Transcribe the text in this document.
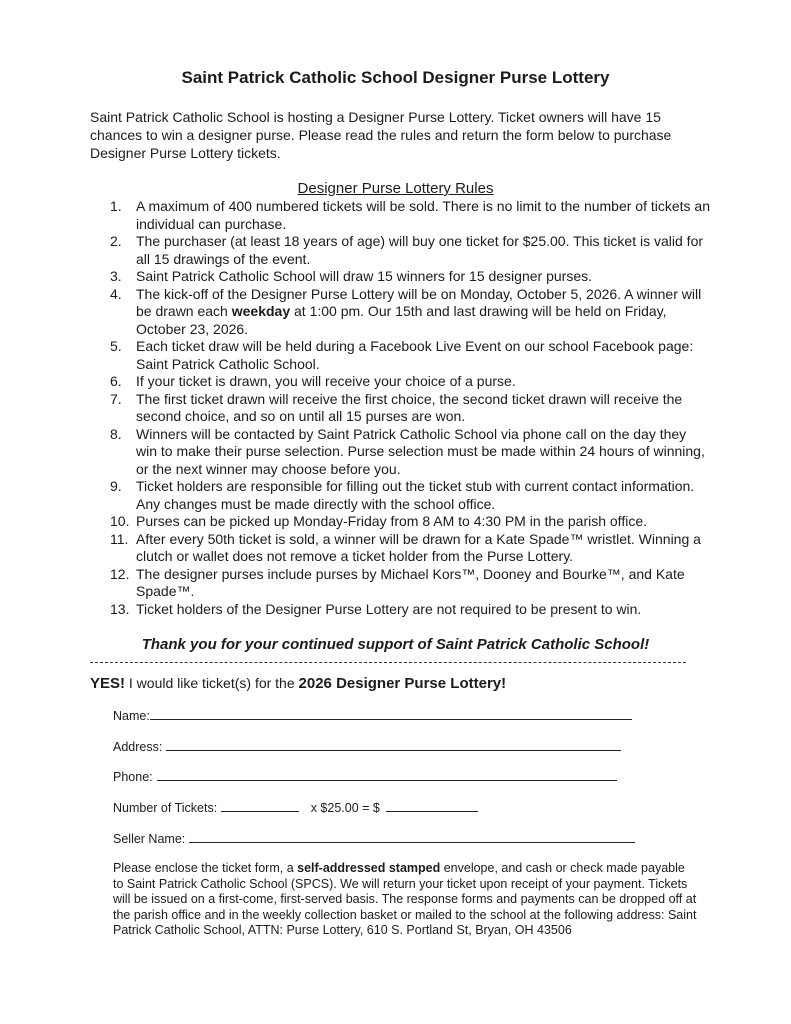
Saint Patrick Catholic School Designer Purse Lottery
Saint Patrick Catholic School is hosting a Designer Purse Lottery. Ticket owners will have 15 chances to win a designer purse. Please read the rules and return the form below to purchase Designer Purse Lottery tickets.
Designer Purse Lottery Rules
1. A maximum of 400 numbered tickets will be sold. There is no limit to the number of tickets an individual can purchase.
2. The purchaser (at least 18 years of age) will buy one ticket for $25.00. This ticket is valid for all 15 drawings of the event.
3. Saint Patrick Catholic School will draw 15 winners for 15 designer purses.
4. The kick-off of the Designer Purse Lottery will be on Monday, October 5, 2026. A winner will be drawn each weekday at 1:00 pm. Our 15th and last drawing will be held on Friday, October 23, 2026.
5. Each ticket draw will be held during a Facebook Live Event on our school Facebook page: Saint Patrick Catholic School.
6. If your ticket is drawn, you will receive your choice of a purse.
7. The first ticket drawn will receive the first choice, the second ticket drawn will receive the second choice, and so on until all 15 purses are won.
8. Winners will be contacted by Saint Patrick Catholic School via phone call on the day they win to make their purse selection. Purse selection must be made within 24 hours of winning, or the next winner may choose before you.
9. Ticket holders are responsible for filling out the ticket stub with current contact information. Any changes must be made directly with the school office.
10. Purses can be picked up Monday-Friday from 8 AM to 4:30 PM in the parish office.
11. After every 50th ticket is sold, a winner will be drawn for a Kate Spade™ wristlet. Winning a clutch or wallet does not remove a ticket holder from the Purse Lottery.
12. The designer purses include purses by Michael Kors™, Dooney and Bourke™, and Kate Spade™.
13. Ticket holders of the Designer Purse Lottery are not required to be present to win.
Thank you for your continued support of Saint Patrick Catholic School!
YES! I would like ticket(s) for the 2026 Designer Purse Lottery!
Name:
Address:
Phone:
Number of Tickets:	x $25.00 = $
Seller Name:
Please enclose the ticket form, a self-addressed stamped envelope, and cash or check made payable to Saint Patrick Catholic School (SPCS). We will return your ticket upon receipt of your payment. Tickets will be issued on a first-come, first-served basis. The response forms and payments can be dropped off at the parish office and in the weekly collection basket or mailed to the school at the following address: Saint Patrick Catholic School, ATTN: Purse Lottery, 610 S. Portland St, Bryan, OH 43506
